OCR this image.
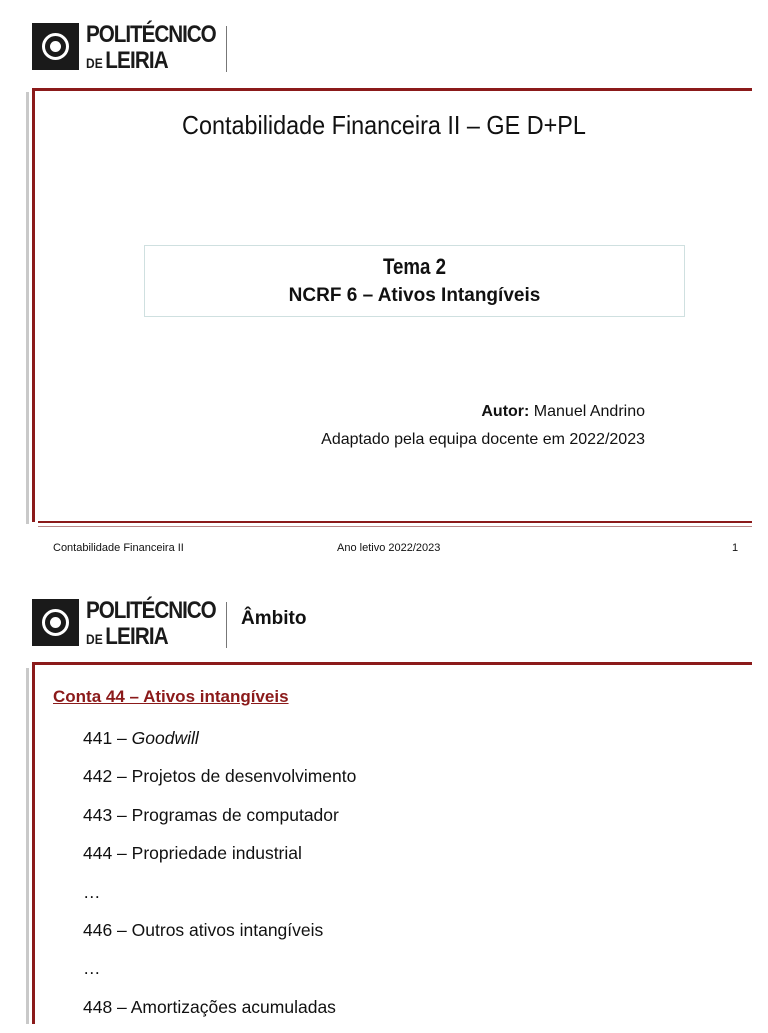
POLITÉCNICO
DE LEIRIA
Contabilidade Financeira II – GE D+PL
Tema 2
NCRF 6 – Ativos Intangíveis
Autor: Manuel Andrino
Adaptado pela equipa docente em 2022/2023
Contabilidade Financeira II	Ano letivo 2022/2023	1
POLITÉCNICO
DE LEIRIA
Âmbito
Conta 44 – Ativos intangíveis
441 – Goodwill
442 – Projetos de desenvolvimento
443 – Programas de computador
444 – Propriedade industrial
…
446 – Outros ativos intangíveis
…
448 – Amortizações acumuladas
